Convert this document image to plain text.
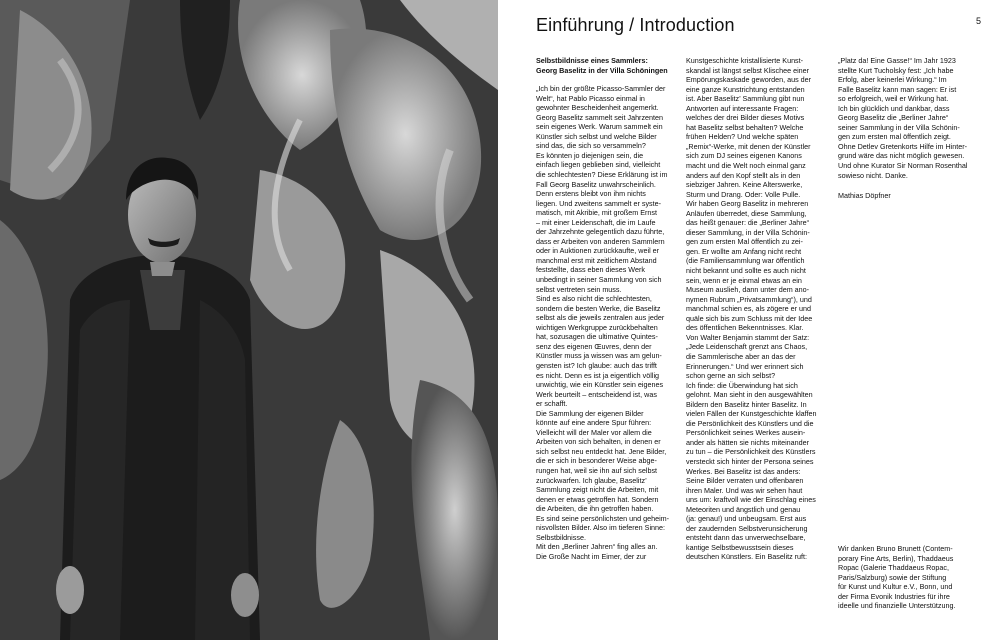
Einführung / Introduction	5
Selbstbildnisse eines Sammlers:
Georg Baselitz in der Villa Schöningen
„Ich bin der größte Picasso-Sammler der
Welt“, hat Pablo Picasso einmal in
gewohnter Bescheidenheit angemerkt.
Georg Baselitz sammelt seit Jahrzenten
sein eigenes Werk. Warum sammelt ein
Künstler sich selbst und welche Bilder
sind das, die sich so versammeln?
Es könnten jo diejenigen sein, die
einfach liegen geblieben sind, vielleicht
die schlechtesten? Diese Erklärung ist im
Fall Georg Baselitz unwahrscheinlich.
Denn erstens bleibt von ihm nichts
liegen. Und zweitens sammelt er syste-
matisch, mit Akribie, mit großem Ernst
– mit einer Leidenschaft, die im Laufe
der Jahrzehnte gelegentlich dazu führte,
dass er Arbeiten von anderen Sammlern
oder in Auktionen zurückkaufte, weil er
manchmal erst mit zeitlichem Abstand
feststellte, dass eben dieses Werk
unbedingt in seiner Sammlung von sich
selbst vertreten sein muss.
Sind es also nicht die schlechtesten,
sondern die besten Werke, die Baselitz
selbst als die jeweils zentralen aus jeder
wichtigen Werkgruppe zurückbehalten
hat, sozusagen die ultimative Quintes-
senz des eigenen Œuvres, denn der
Künstler muss ja wissen was am gelun-
gensten ist? Ich glaube: auch das trifft
es nicht. Denn es ist ja eigentlich völlig
unwichtig, wie ein Künstler sein eigenes
Werk beurteilt – entscheidend ist, was
er schafft.
Die Sammlung der eigenen Bilder
könnte auf eine andere Spur führen:
Vielleicht will der Maler vor allem die
Arbeiten von sich behalten, in denen er
sich selbst neu entdeckt hat. Jene Bilder,
die er sich in besonderer Weise abge-
rungen hat, weil sie ihn auf sich selbst
zurückwarfen. Ich glaube, Baselitz’
Sammlung zeigt nicht die Arbeiten, mit
denen er etwas getroffen hat. Sondern
die Arbeiten, die ihn getroffen haben.
Es sind seine persönlichsten und geheim-
nisvollsten Bilder. Also im tieferen Sinne:
Selbstbildnisse.
Mit den „Berliner Jahren“ fing alles an.
Die Große Nacht im Eimer, der zur
Kunstgeschichte kristallisierte Kunst-
skandal ist längst selbst Klischee einer
Empörungskaskade geworden, aus der
eine ganze Kunstrichtung entstanden
ist. Aber Baselitz’ Sammlung gibt nun
Antworten auf interessante Fragen:
welches der drei Bilder dieses Motivs
hat Baselitz selbst behalten? Welche
frühen Helden? Und welche späten
„Remix“-Werke, mit denen der Künstler
sich zum DJ seines eigenen Kanons
macht und die Welt noch einmal ganz
anders auf den Kopf stellt als in den
siebziger Jahren. Keine Alterswerke,
Sturm und Drang. Oder: Volle Pulle.
Wir haben Georg Baselitz in mehreren
Anläufen überredet, diese Sammlung,
das heißt genauer: die „Berliner Jahre“
dieser Sammlung, in der Villa Schönin-
gen zum ersten Mal öffentlich zu zei-
gen. Er wollte am Anfang nicht recht
(die Familiensammlung war öffentlich
nicht bekannt und sollte es auch nicht
sein, wenn er je einmal etwas an ein
Museum auslieh, dann unter dem ano-
nymen Rubrum „Privatsammlung“), und
manchmal schien es, als zögere er und
quäle sich bis zum Schluss mit der Idee
des öffentlichen Bekenntnisses. Klar.
Von Walter Benjamin stammt der Satz:
„Jede Leidenschaft grenzt ans Chaos,
die Sammlerische aber an das der
Erinnerungen.“ Und wer erinnert sich
schon gerne an sich selbst?
Ich finde: die Überwindung hat sich
gelohnt. Man sieht in den ausgewählten
Bildern den Baselitz hinter Baselitz. In
vielen Fällen der Kunstgeschichte klaffen
die Persönlichkeit des Künstlers und die
Persönlichkeit seines Werkes ausein-
ander als hätten sie nichts miteinander
zu tun – die Persönlichkeit des Künstlers
versteckt sich hinter der Persona seines
Werkes. Bei Baselitz ist das anders:
Seine Bilder verraten und offenbaren
ihren Maler. Und was wir sehen haut
uns um: kraftvoll wie der Einschlag eines
Meteoriten und ängstlich und genau
(ja: genau!) und unbeugsam. Erst aus
der zaudernden Selbstverunsicherung
entsteht dann das unverwechselbare,
kantige Selbstbewusstsein dieses
deutschen Künstlers. Ein Baselitz ruft:
„Platz da! Eine Gasse!“ Im Jahr 1923
stellte Kurt Tucholsky fest: „Ich habe
Erfolg, aber keinerlei Wirkung.“ Im
Falle Baselitz kann man sagen: Er ist
so erfolgreich, weil er Wirkung hat.
Ich bin glücklich und dankbar, dass
Georg Baselitz die „Berliner Jahre“
seiner Sammlung in der Villa Schönin-
gen zum ersten mal öffentlich zeigt.
Ohne Detlev Gretenkorts Hilfe im Hinter-
grund wäre das nicht möglich gewesen.
Und ohne Kurator Sir Norman Rosenthal
sowieso nicht. Danke.
Mathias Döpfner
Wir danken Bruno Brunett (Contem-
porary Fine Arts, Berlin), Thaddaeus
Ropac (Galerie Thaddaeus Ropac,
Paris/Salzburg) sowie der Stiftung
für Kunst und Kultur e.V., Bonn, und
der Firma Evonik Industries für ihre
ideelle und finanzielle Unterstützung.
